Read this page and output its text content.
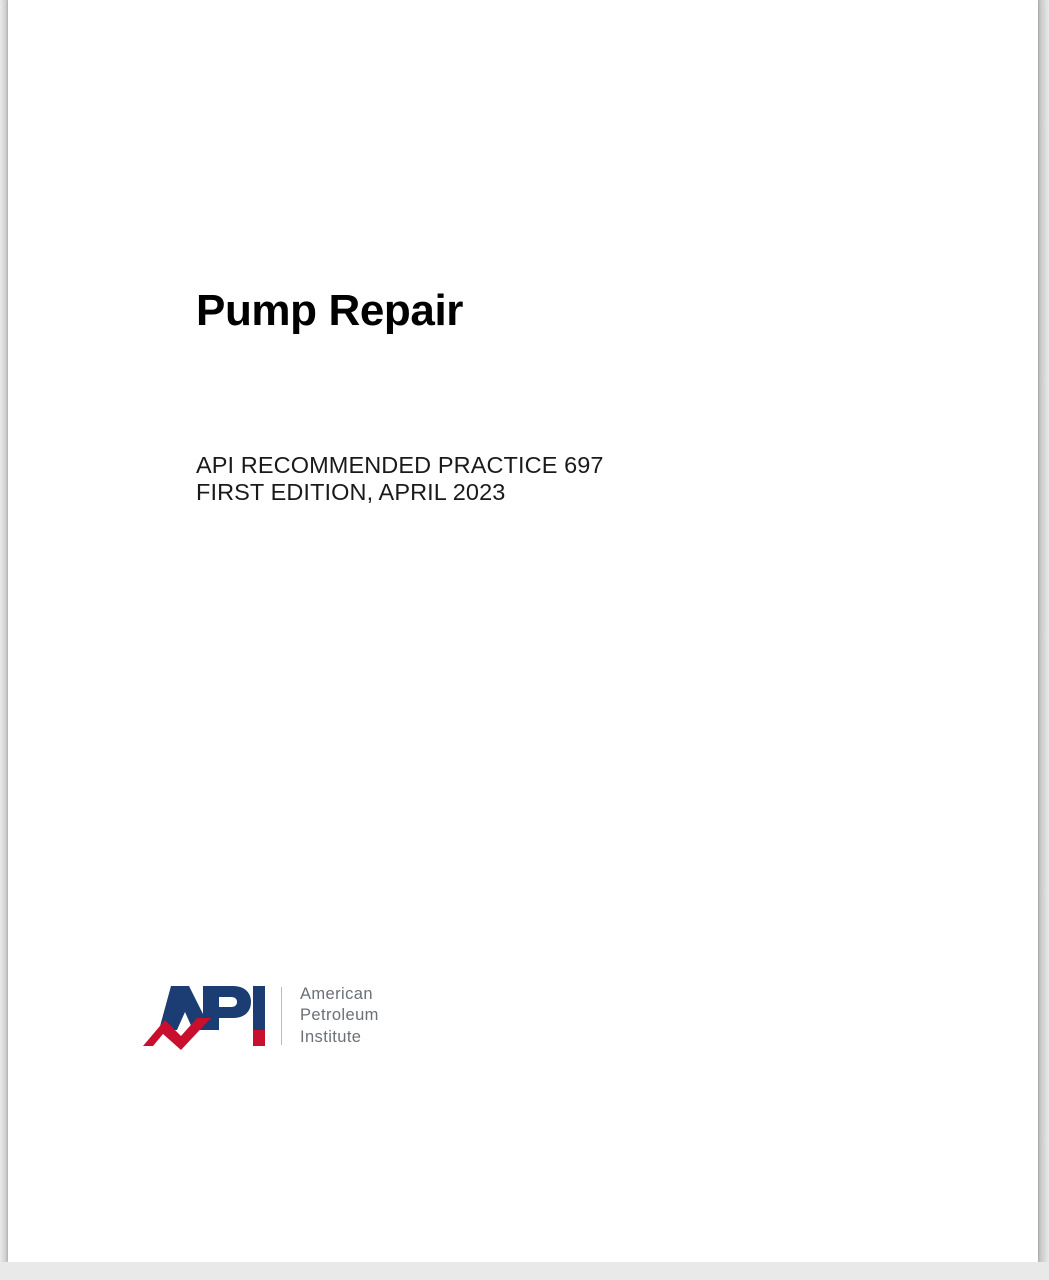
Pump Repair
API RECOMMENDED PRACTICE 697
FIRST EDITION, APRIL 2023
American
Petroleum
Institute
